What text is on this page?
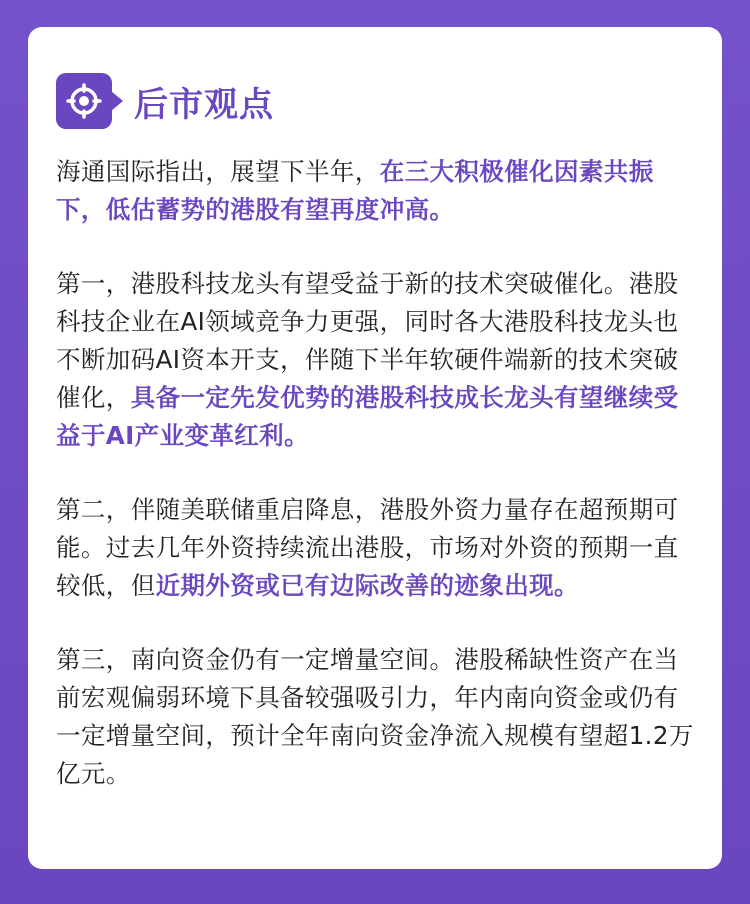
后市观点

海通国际指出，展望下半年，在三大积极催化因素共振下，低估蓄势的港股有望再度冲高。

第一，港股科技龙头有望受益于新的技术突破催化。港股科技企业在AI领域竞争力更强，同时各大港股科技龙头也不断加码AI资本开支，伴随下半年软硬件端新的技术突破催化，具备一定先发优势的港股科技成长龙头有望继续受益于AI产业变革红利。

第二，伴随美联储重启降息，港股外资力量存在超预期可能。过去几年外资持续流出港股，市场对外资的预期一直较低，但近期外资或已有边际改善的迹象出现。

第三，南向资金仍有一定增量空间。港股稀缺性资产在当前宏观偏弱环境下具备较强吸引力，年内南向资金或仍有一定增量空间，预计全年南向资金净流入规模有望超1.2万亿元。
